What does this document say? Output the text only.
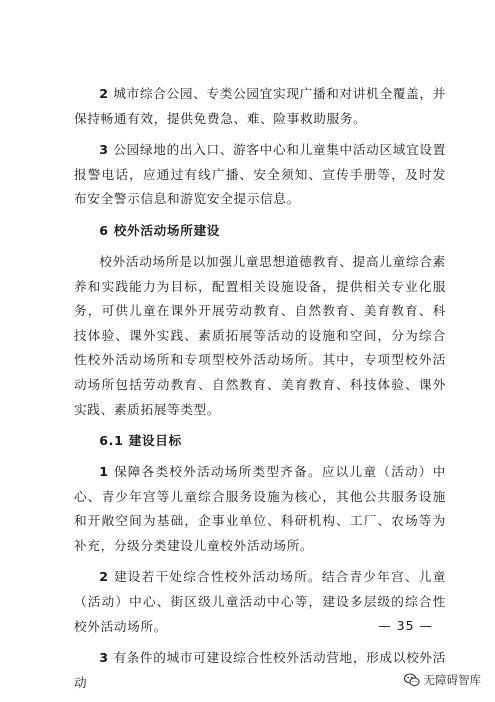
2 城市综合公园、专类公园宜实现广播和对讲机全覆盖，并保持畅通有效，提供免费急、难、险事救助服务。

3 公园绿地的出入口、游客中心和儿童集中活动区域宜设置报警电话，应通过有线广播、安全须知、宣传手册等，及时发布安全警示信息和游览安全提示信息。

6 校外活动场所建设

校外活动场所是以加强儿童思想道德教育、提高儿童综合素养和实践能力为目标，配置相关设施设备，提供相关专业化服务，可供儿童在课外开展劳动教育、自然教育、美育教育、科技体验、课外实践、素质拓展等活动的设施和空间，分为综合性校外活动场所和专项型校外活动场所。其中，专项型校外活动场所包括劳动教育、自然教育、美育教育、科技体验、课外实践、素质拓展等类型。

6.1 建设目标

1 保障各类校外活动场所类型齐备。应以儿童（活动）中心、青少年宫等儿童综合服务设施为核心，其他公共服务设施和开敞空间为基础，企事业单位、科研机构、工厂、农场等为补充，分级分类建设儿童校外活动场所。

2 建设若干处综合性校外活动场所。结合青少年宫、儿童（活动）中心、街区级儿童活动中心等，建设多层级的综合性校外活动场所。

3 有条件的城市可建设综合性校外活动营地，形成以校外活动

— 35 —
无障碍智库
